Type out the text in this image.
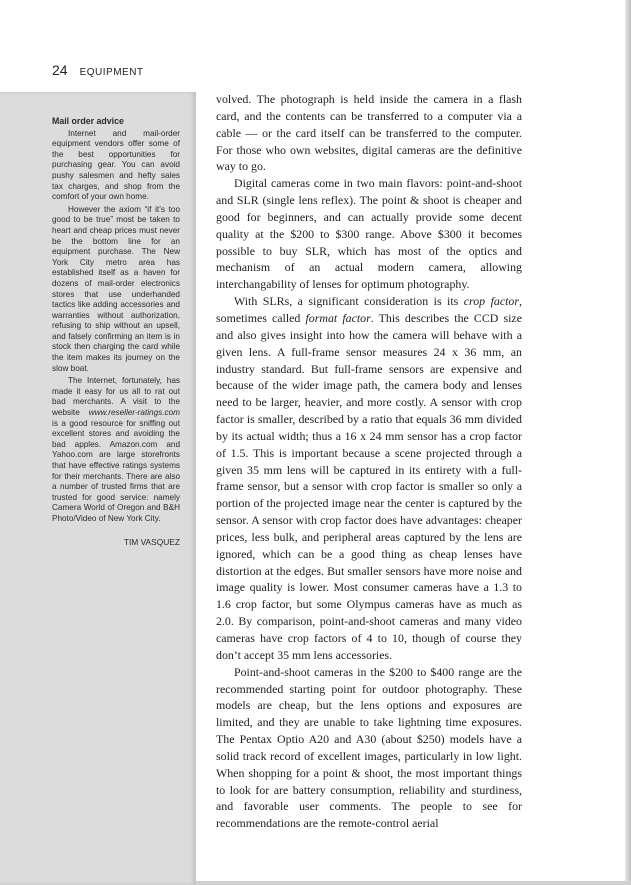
24 EQUIPMENT
Mail order advice

Internet and mail-order equipment vendors offer some of the best opportunities for purchasing gear. You can avoid pushy salesmen and hefty sales tax charges, and shop from the comfort of your own home.

However the axiom “if it’s too good to be true” most be taken to heart and cheap prices must never be the bottom line for an equipment purchase. The New York City metro area has established itself as a haven for dozens of mail-order electronics stores that use underhanded tactics like adding accessories and warranties without authorization, refusing to ship without an upsell, and falsely confirming an item is in stock then charging the card while the item makes its journey on the slow boat.

The Internet, fortunately, has made it easy for us all to rat out bad merchants. A visit to the website www.reseller-ratings.com is a good resource for sniffing out excellent stores and avoiding the bad apples. Amazon.com and Yahoo.com are large storefronts that have effective ratings systems for their merchants. There are also a number of trusted firms that are trusted for good service: namely Camera World of Oregon and B&H Photo/Video of New York City.

TIM VASQUEZ

volved. The photograph is held inside the camera in a flash card, and the contents can be transferred to a computer via a cable — or the card itself can be transferred to the computer. For those who own websites, digital cameras are the definitive way to go.

Digital cameras come in two main flavors: point-and-shoot and SLR (single lens reflex). The point & shoot is cheaper and good for beginners, and can actually provide some decent quality at the $200 to $300 range. Above $300 it becomes possible to buy SLR, which has most of the optics and mechanism of an actual modern camera, allowing interchangability of lenses for optimum photography.

With SLRs, a significant consideration is its crop factor, sometimes called format factor. This describes the CCD size and also gives insight into how the camera will behave with a given lens. A full-frame sensor measures 24 x 36 mm, an industry standard. But full-frame sensors are expensive and because of the wider image path, the camera body and lenses need to be larger, heavier, and more costly. A sensor with crop factor is smaller, described by a ratio that equals 36 mm divided by its actual width; thus a 16 x 24 mm sensor has a crop factor of 1.5. This is important because a scene projected through a given 35 mm lens will be captured in its entirety with a full-frame sensor, but a sensor with crop factor is smaller so only a portion of the projected image near the center is captured by the sensor. A sensor with crop factor does have advantages: cheaper prices, less bulk, and peripheral areas captured by the lens are ignored, which can be a good thing as cheap lenses have distortion at the edges. But smaller sensors have more noise and image quality is lower. Most consumer cameras have a 1.3 to 1.6 crop factor, but some Olympus cameras have as much as 2.0. By comparison, point-and-shoot cameras and many video cameras have crop factors of 4 to 10, though of course they don’t accept 35 mm lens accessories.

Point-and-shoot cameras in the $200 to $400 range are the recommended starting point for outdoor photography. These models are cheap, but the lens options and exposures are limited, and they are unable to take lightning time exposures. The Pentax Optio A20 and A30 (about $250) models have a solid track record of excellent images, particularly in low light. When shopping for a point & shoot, the most important things to look for are battery consumption, reliability and sturdiness, and favorable user comments. The people to see for recommendations are the remote-control aerial
